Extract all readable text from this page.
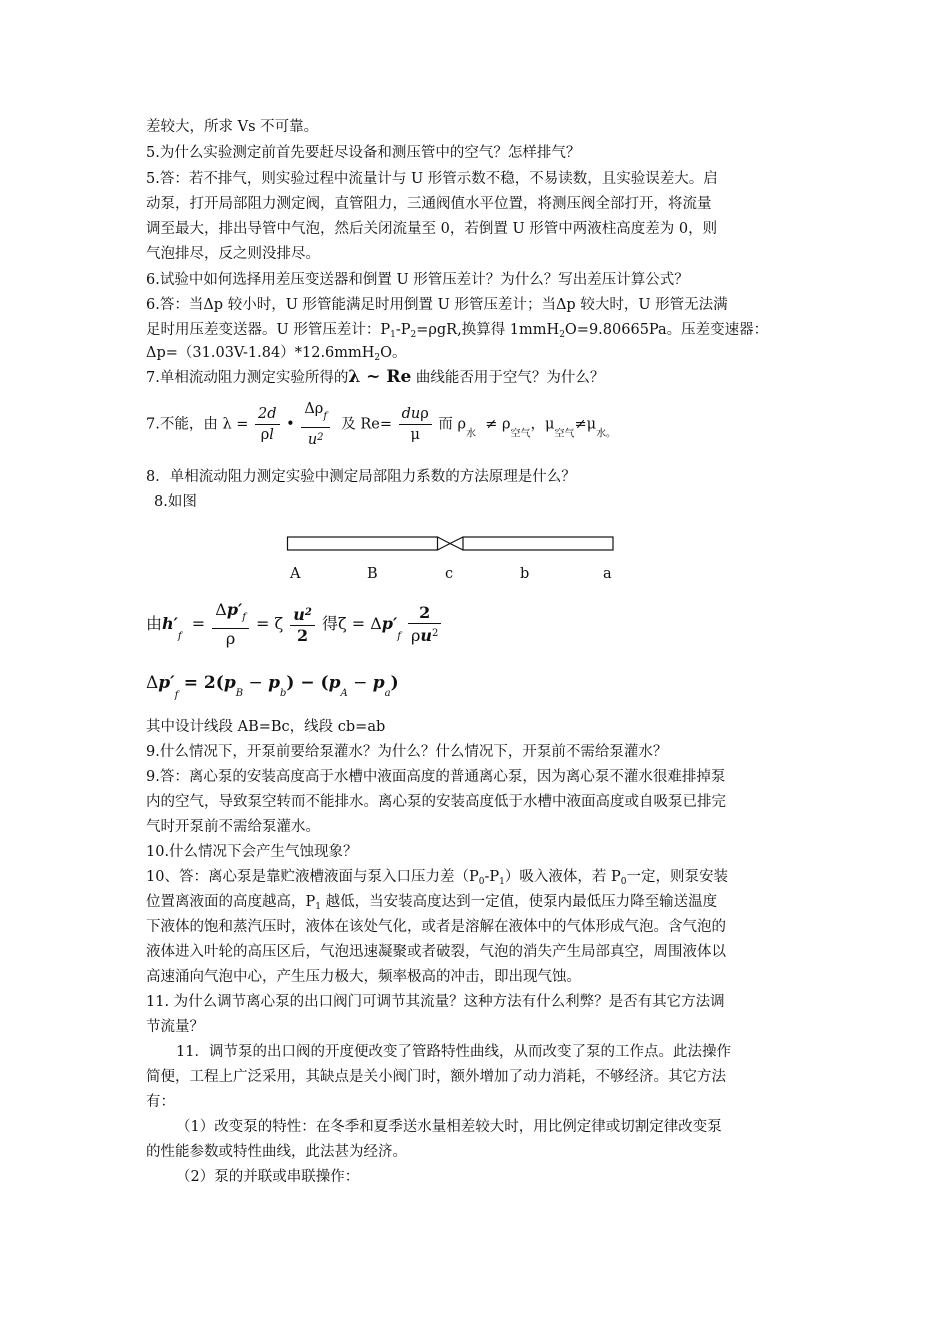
差较大，所求 Vs 不可靠。
5.为什么实验测定前首先要赶尽设备和测压管中的空气？怎样排气？
5.答：若不排气，则实验过程中流量计与 U 形管示数不稳，不易读数，且实验误差大。启
动泵，打开局部阻力测定阀，直管阻力，三通阀值水平位置，将测压阀全部打开，将流量
调至最大，排出导管中气泡，然后关闭流量至 0，若倒置 U 形管中两液柱高度差为 0，则
气泡排尽，反之则没排尽。
6.试验中如何选择用差压变送器和倒置 U 形管压差计？为什么？写出差压计算公式？
6.答：当Δp 较小时，U 形管能满足时用倒置 U 形管压差计；当Δp 较大时，U 形管无法满
足时用压差变送器。U 形管压差计：$P_1-P_2=\rho gR$,换算得 1mmH$_2$O=9.80665Pa。压差变速器：
Δp=（31.03V-1.84）*12.6mmH$_2$O。
7.单相流动阻力测定实验所得的λ ~ Re 曲线能否用于空气？为什么？
7.不能，由 $\lambda = \frac{2d}{\rho l}$ • $\frac{\Delta\rho_f}{u^2}$ 及 $Re= \frac{\text{duρ}}{\mu}$ 而 $\rho_水 \ne \rho_{空气}$，$\mu_{空气}\ne\mu_{水。}$
8．单相流动阻力测定实验中测定局部阻力系数的方法原理是什么？
8.如图
A	B	c	b	a
由$h'_f = \frac{\Delta p'_f}{\rho} = \zeta \frac{u^2}{2}$ 得$\zeta = \Delta p'_f \frac{2}{\rho u^2}$
$\Delta p'_f = 2(p_B - p_b) - (p_A - p_a)$
其中设计线段 AB=Bc，线段 cb=ab
9.什么情况下，开泵前要给泵灌水？为什么？什么情况下，开泵前不需给泵灌水？
9.答：离心泵的安装高度高于水槽中液面高度的普通离心泵，因为离心泵不灌水很难排掉泵
内的空气，导致泵空转而不能排水。离心泵的安装高度低于水槽中液面高度或自吸泵已排完
气时开泵前不需给泵灌水。
10.什么情况下会产生气蚀现象？
10、答：离心泵是靠贮液槽液面与泵入口压力差$(P_0-P_1)$吸入液体，若 $P_0$一定，则泵安装
位置离液面的高度越高，$P_1$ 越低，当安装高度达到一定值，使泵内最低压力降至输送温度
下液体的饱和蒸汽压时，液体在该处气化，或者是溶解在液体中的气体形成气泡。含气泡的
液体进入叶轮的高压区后，气泡迅速凝聚或者破裂，气泡的消失产生局部真空，周围液体以
高速涌向气泡中心，产生压力极大，频率极高的冲击，即出现气蚀。
11. 为什么调节离心泵的出口阀门可调节其流量？这种方法有什么利弊？是否有其它方法调
节流量？
11．调节泵的出口阀的开度便改变了管路特性曲线，从而改变了泵的工作点。此法操作
简便，工程上广泛采用，其缺点是关小阀门时，额外增加了动力消耗，不够经济。其它方法
有：
（1）改变泵的特性：在冬季和夏季送水量相差较大时，用比例定律或切割定律改变泵
的性能参数或特性曲线，此法甚为经济。
（2）泵的并联或串联操作：
